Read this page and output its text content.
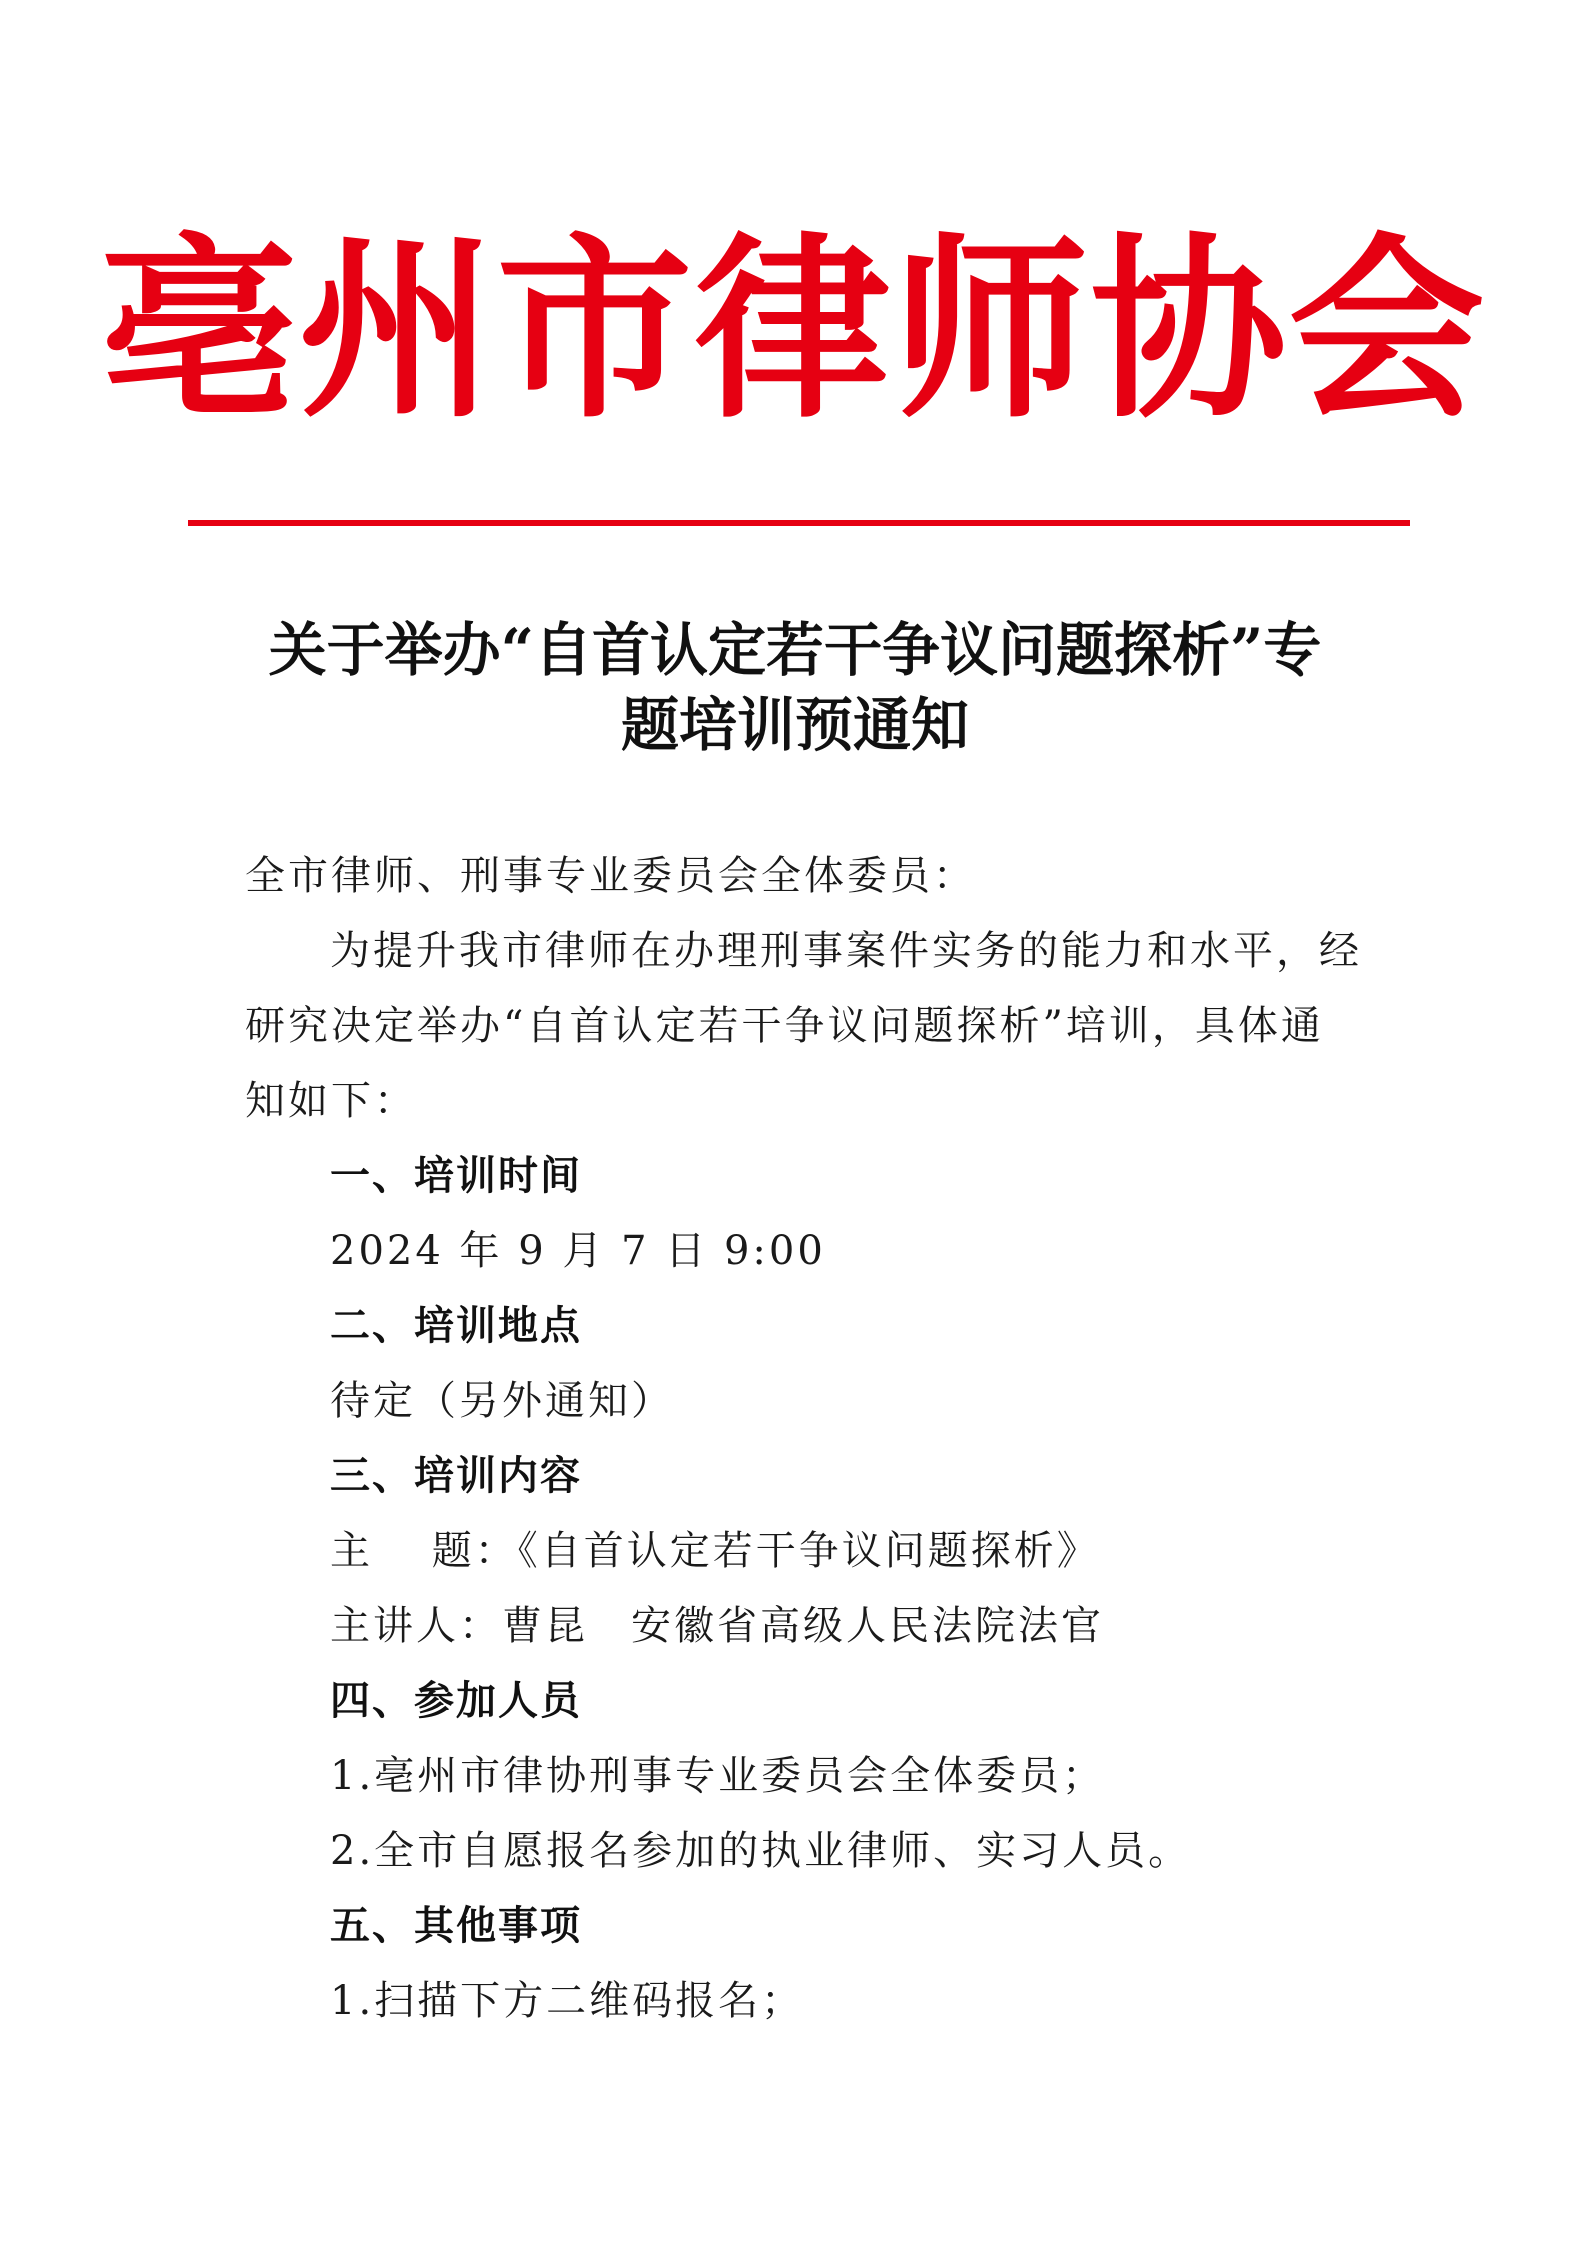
亳州市律师协会
关于举办“自首认定若干争议问题探析”专
题培训预通知
全市律师、刑事专业委员会全体委员：
为提升我市律师在办理刑事案件实务的能力和水平，经
研究决定举办“自首认定若干争议问题探析”培训，具体通
知如下：
一、培训时间
2024 年 9 月 7 日 9:00
二、培训地点
待定（另外通知）
三、培训内容
主　 题：《自首认定若干争议问题探析》
主讲人：曹昆　安徽省高级人民法院法官
四、参加人员
1.亳州市律协刑事专业委员会全体委员；
2.全市自愿报名参加的执业律师、实习人员。
五、其他事项
1.扫描下方二维码报名；
